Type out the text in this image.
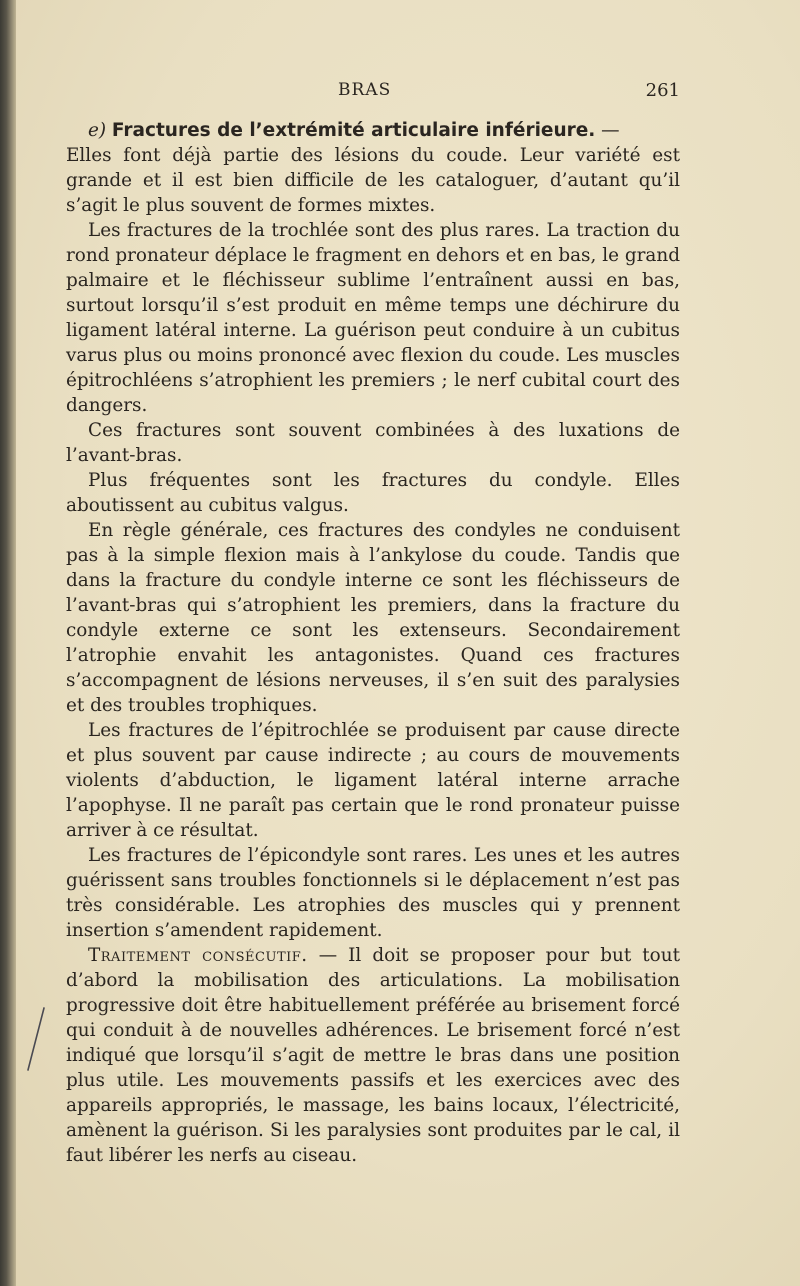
BRAS	261

e) Fractures de l’extrémité articulaire inférieure. —

Elles font déjà partie des lésions du coude. Leur variété est grande et il est bien difficile de les cataloguer, d’autant qu’il s’agit le plus souvent de formes mixtes.

Les fractures de la trochlée sont des plus rares. La traction du rond pronateur déplace le fragment en dehors et en bas, le grand palmaire et le fléchisseur sublime l’entraînent aussi en bas, surtout lorsqu’il s’est produit en même temps une déchirure du ligament latéral interne. La guérison peut conduire à un cubitus varus plus ou moins prononcé avec flexion du coude. Les muscles épitrochléens s’atrophient les premiers ; le nerf cubital court des dangers.

Ces fractures sont souvent combinées à des luxations de l’avant-bras.

Plus fréquentes sont les fractures du condyle. Elles aboutissent au cubitus valgus.

En règle générale, ces fractures des condyles ne conduisent pas à la simple flexion mais à l’ankylose du coude. Tandis que dans la fracture du condyle interne ce sont les fléchisseurs de l’avant-bras qui s’atrophient les premiers, dans la fracture du condyle externe ce sont les extenseurs. Secondairement l’atrophie envahit les antagonistes. Quand ces fractures s’accompagnent de lésions nerveuses, il s’en suit des paralysies et des troubles trophiques.

Les fractures de l’épitrochlée se produisent par cause directe et plus souvent par cause indirecte ; au cours de mouvements violents d’abduction, le ligament latéral interne arrache l’apophyse. Il ne paraît pas certain que le rond pronateur puisse arriver à ce résultat.

Les fractures de l’épicondyle sont rares. Les unes et les autres guérissent sans troubles fonctionnels si le déplacement n’est pas très considérable. Les atrophies des muscles qui y prennent insertion s’amendent rapidement.

Traitement consécutif. — Il doit se proposer pour but tout d’abord la mobilisation des articulations. La mobilisation progressive doit être habituellement préférée au brisement forcé qui conduit à de nouvelles adhérences. Le brisement forcé n’est indiqué que lorsqu’il s’agit de mettre le bras dans une position plus utile. Les mouvements passifs et les exercices avec des appareils appropriés, le massage, les bains locaux, l’électricité, amènent la guérison. Si les paralysies sont produites par le cal, il faut libérer les nerfs au ciseau.
